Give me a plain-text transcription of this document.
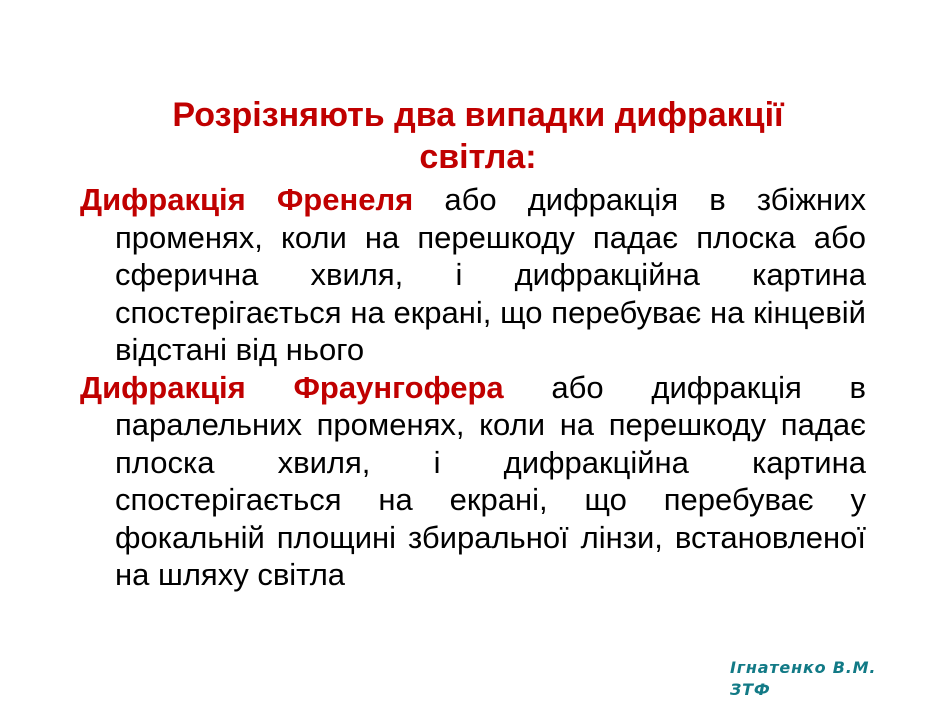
Розрізняють два випадки дифракції
світла:

Дифракція Френеля або дифракція в збіжних променях, коли на перешкоду падає плоска або сферична хвиля, і дифракційна картина спостерігається на екрані, що перебуває на кінцевій відстані від нього

Дифракція Фраунгофера або дифракція в паралельних променях, коли на перешкоду падає плоска хвиля, і дифракційна картина спостерігається на екрані, що перебуває у фокальній площині збиральної лінзи, встановленої на шляху світла

Ігнатенко В.М.
ЗТФ
